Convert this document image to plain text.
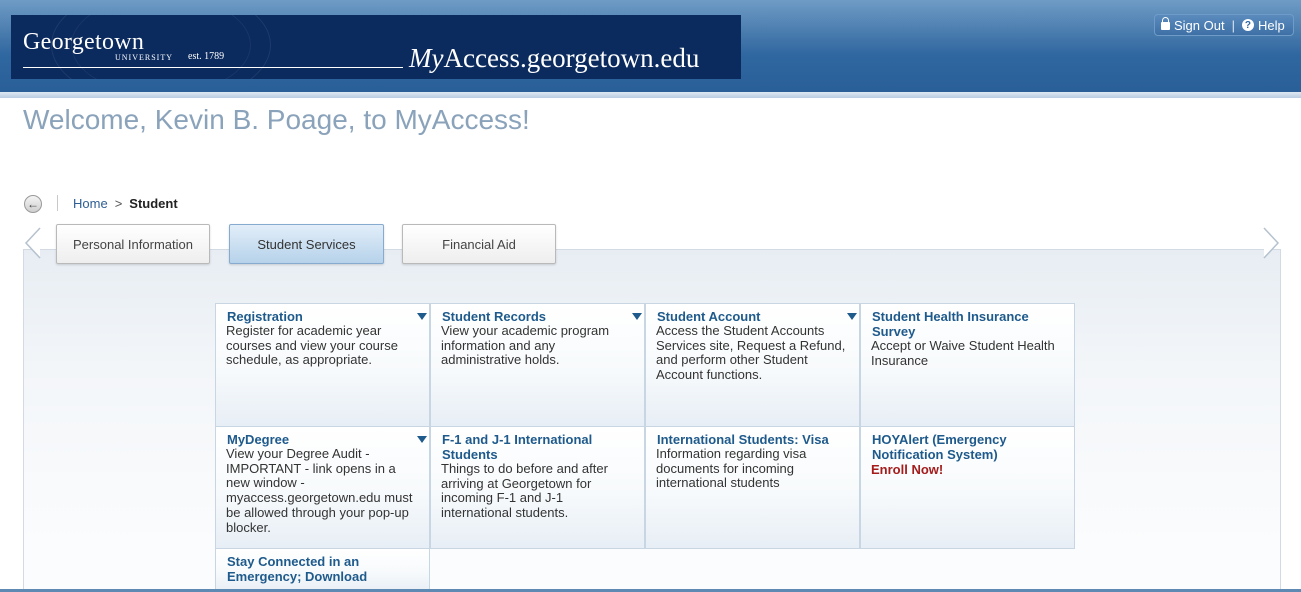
Georgetown
UNIVERSITY est. 1789	MyAccess.georgetown.edu
Sign Out | ? Help
Welcome, Kevin B. Poage, to MyAccess!
←	Home > Student
Personal Information	Student Services	Financial Aid
Registration
Register for academic year courses and view your course schedule, as appropriate.
Student Records
View your academic program information and any administrative holds.
Student Account
Access the Student Accounts Services site, Request a Refund, and perform other Student Account functions.
Student Health Insurance Survey
Accept or Waive Student Health Insurance
MyDegree
View your Degree Audit - IMPORTANT - link opens in a new window - myaccess.georgetown.edu must be allowed through your pop-up blocker.
F-1 and J-1 International Students
Things to do before and after arriving at Georgetown for incoming F-1 and J-1 international students.
International Students: Visa
Information regarding visa documents for incoming international students
HOYAlert (Emergency Notification System)
Enroll Now!
Stay Connected in an Emergency; Download
